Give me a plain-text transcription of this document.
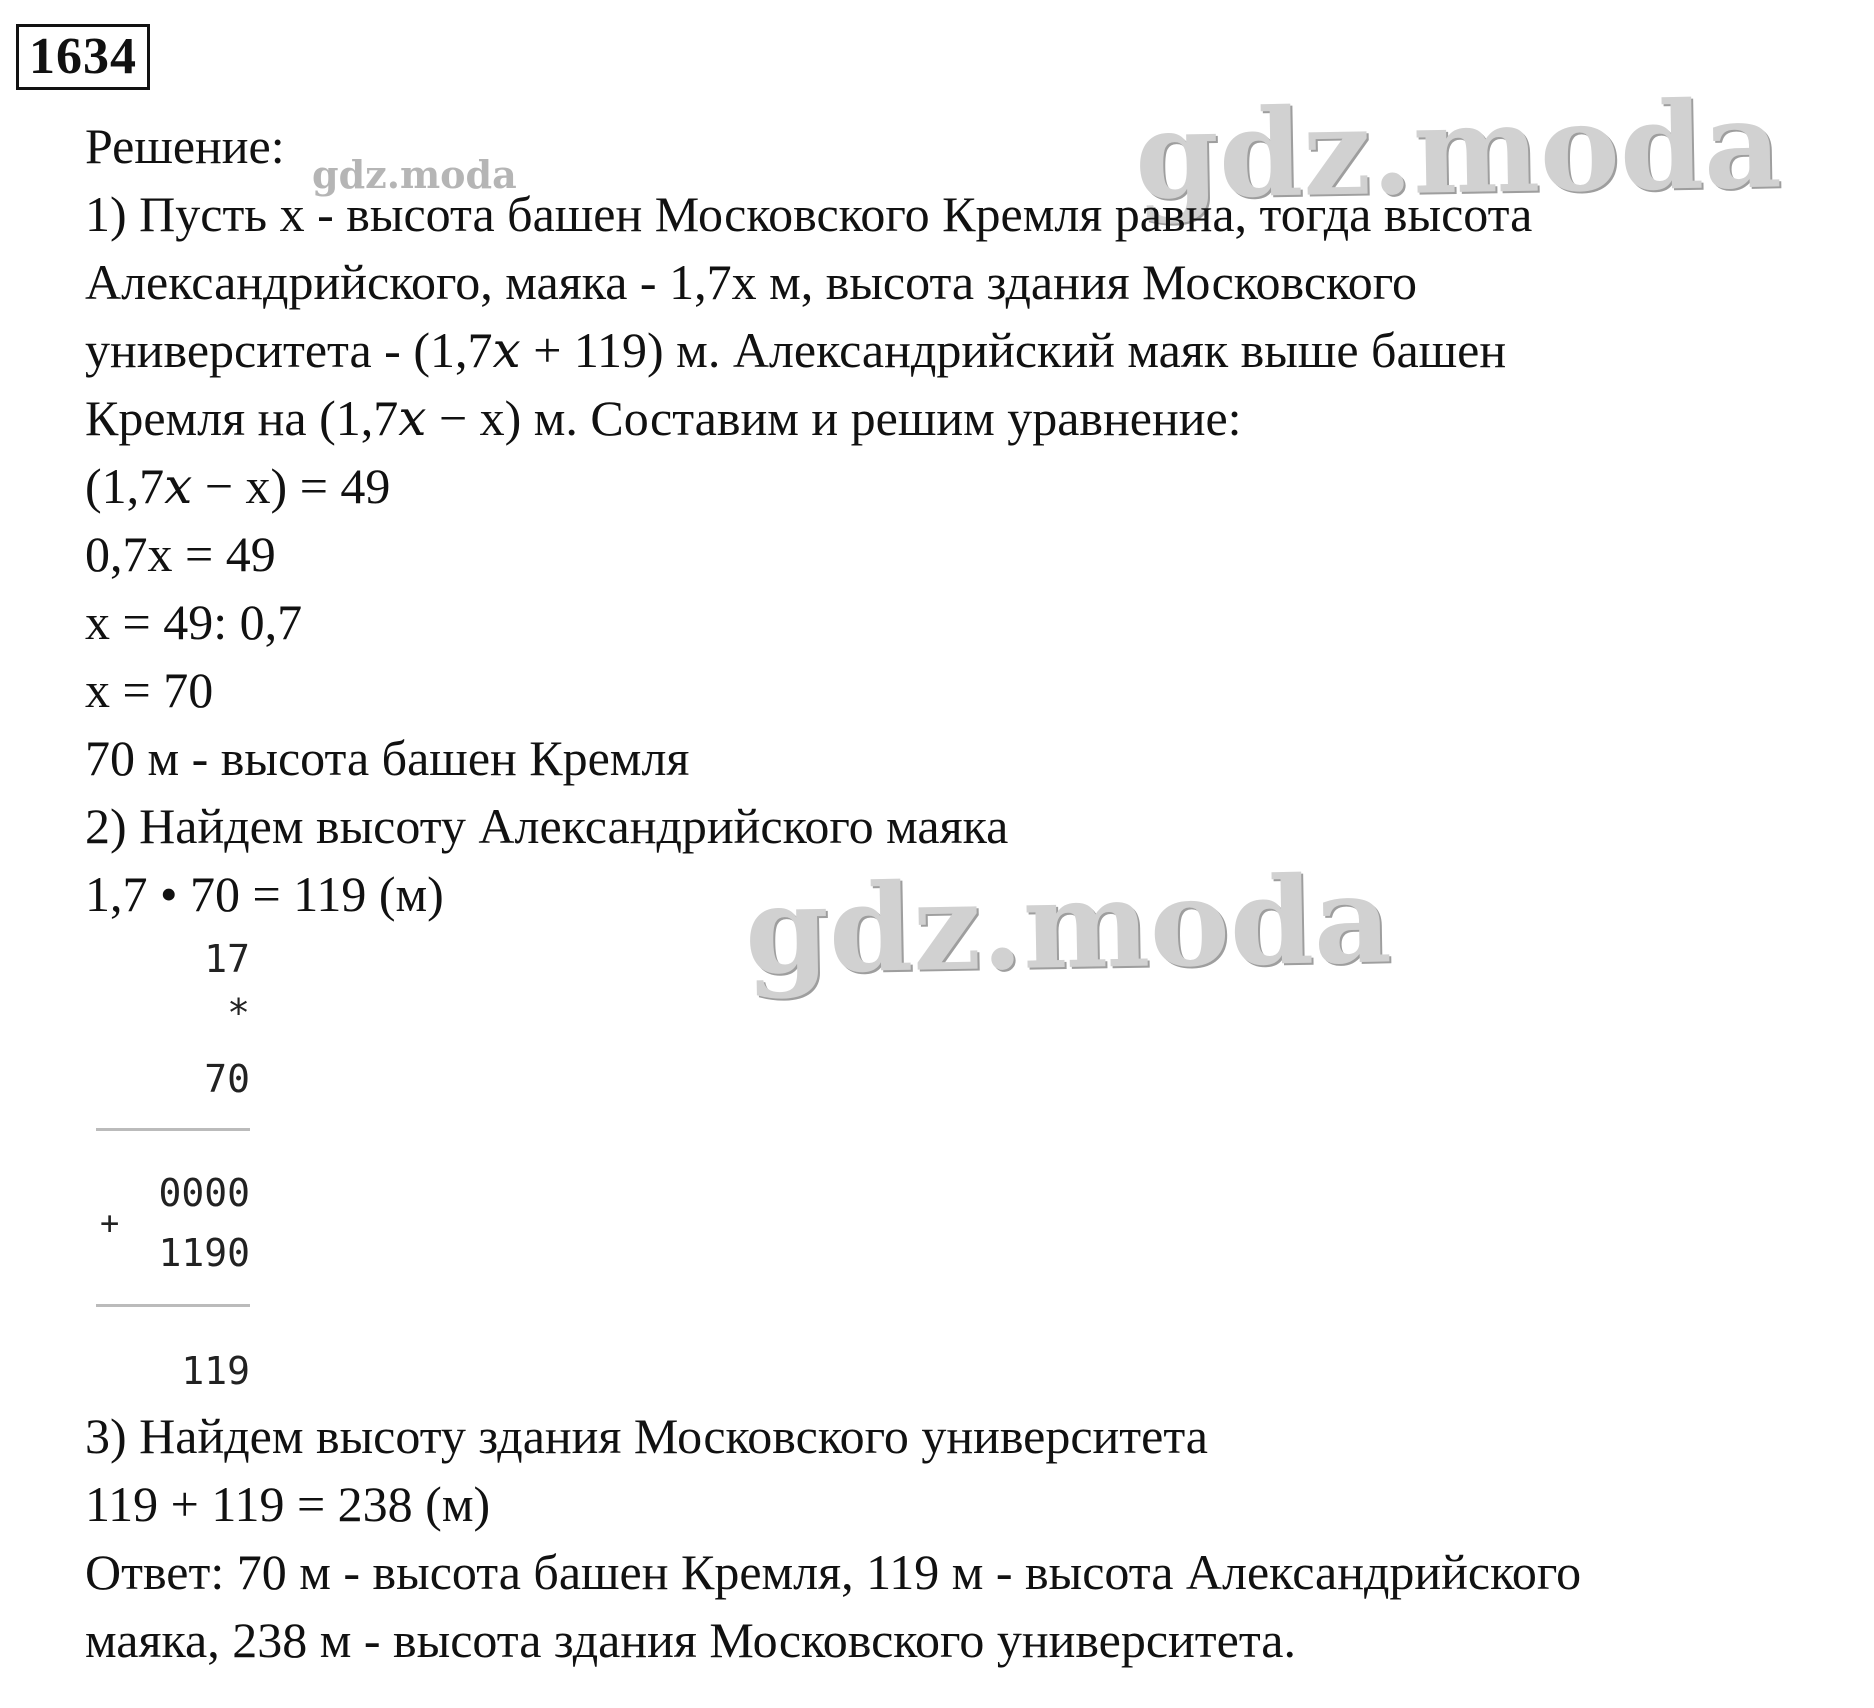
1634
gdz.moda
gdz.moda
gdz.moda
Решение:
1) Пусть х - высота башен Московского Кремля равна, тогда высота
Александрийского, маяка - 1,7х м, высота здания Московского
университета - (1,7x + 119) м. Александрийский маяк выше башен
Кремля на (1,7x − х) м. Составим и решим уравнение:
(1,7x − х) = 49
0,7х = 49
х = 49: 0,7
х = 70
70 м - высота башен Кремля
2) Найдем высоту Александрийского маяка
1,7 • 70 = 119 (м)
17
*
70
0000
+
1190
119
3) Найдем высоту здания Московского университета
119 + 119 = 238 (м)
Ответ: 70 м - высота башен Кремля, 119 м - высота Александрийского
маяка, 238 м - высота здания Московского университета.
